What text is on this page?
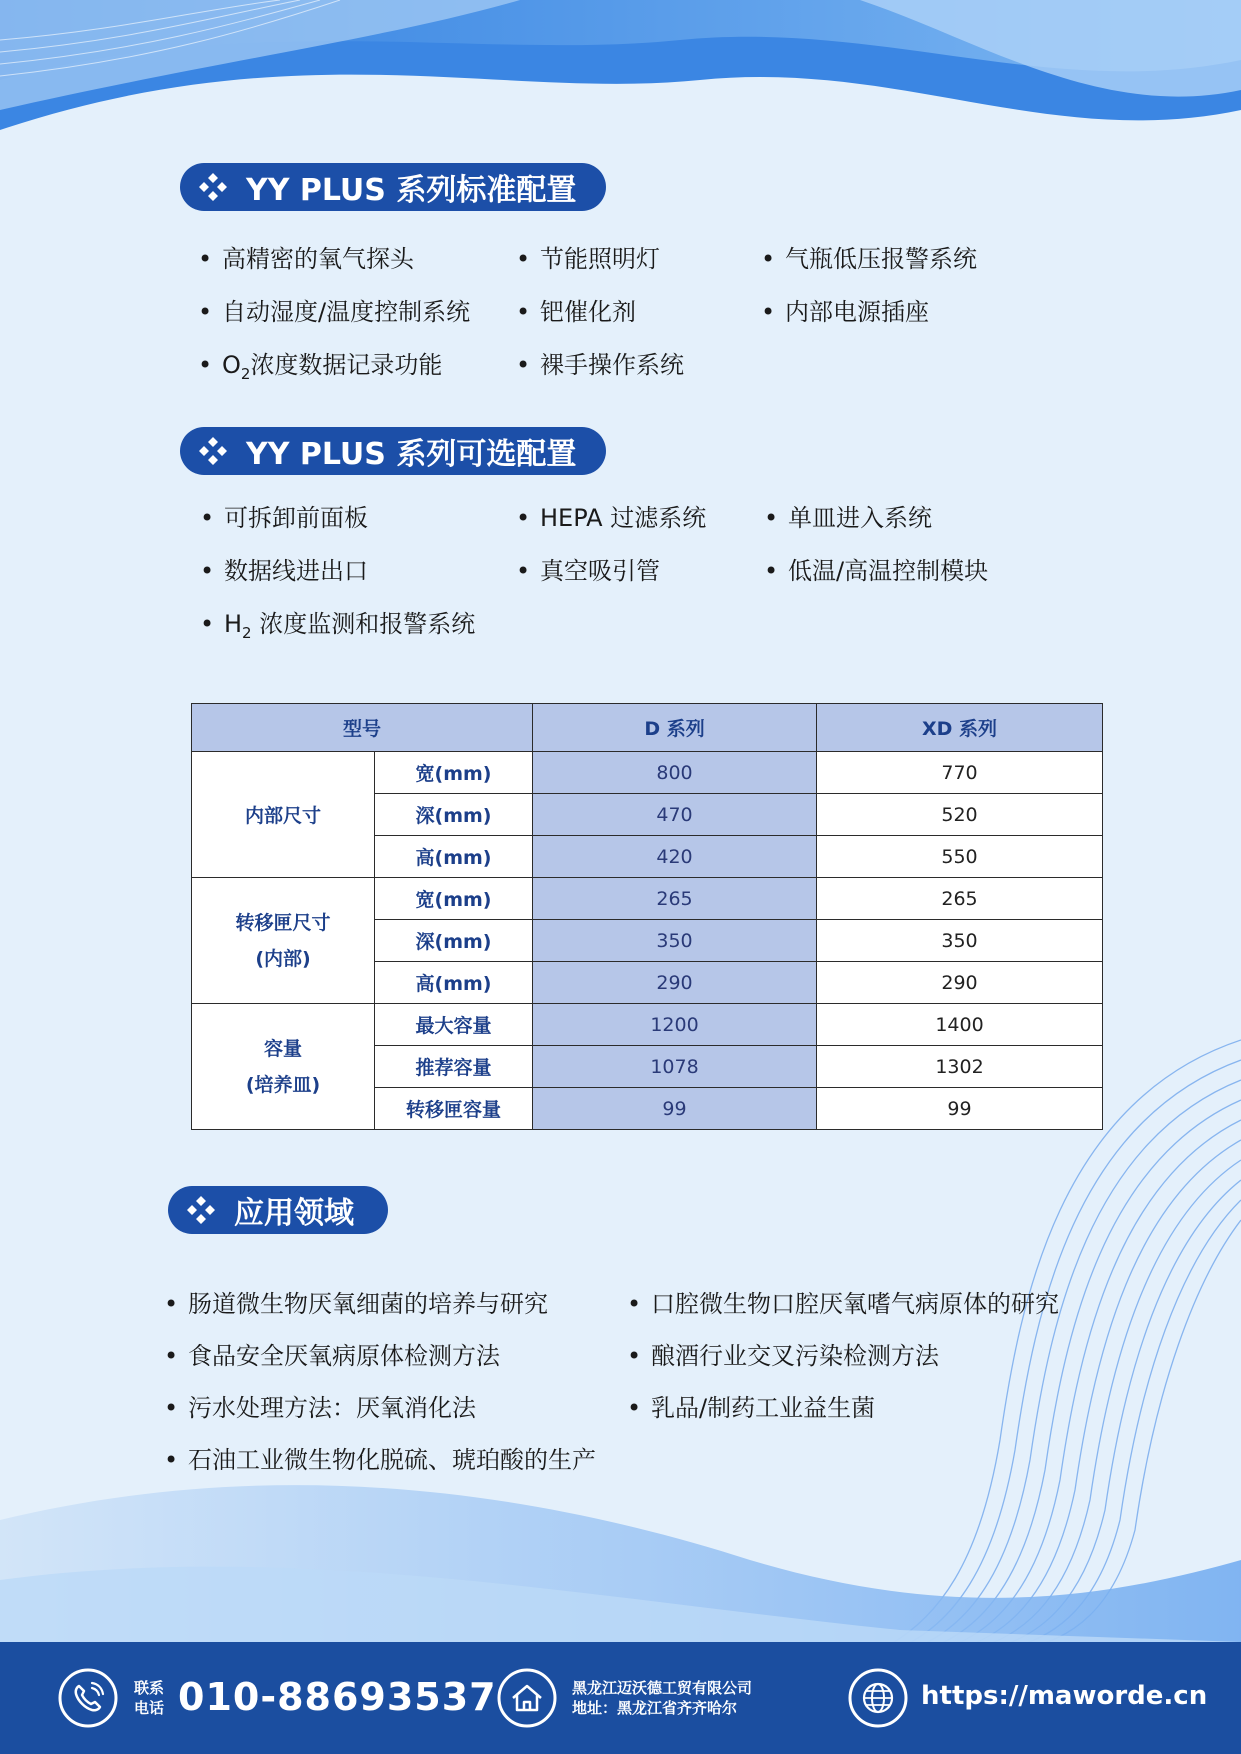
YY PLUS 系列标准配置
• 高精密的氧气探头
• 自动湿度/温度控制系统
• $O_2$浓度数据记录功能
• 节能照明灯
• 钯催化剂
• 裸手操作系统
• 气瓶低压报警系统
• 内部电源插座
YY PLUS 系列可选配置
• 可拆卸前面板
• 数据线进出口
• $H_2$ 浓度监测和报警系统
• HEPA 过滤系统
• 真空吸引管
• 单皿进入系统
• 低温/高温控制模块
型号		D 系列	XD 系列

内部尺寸	宽(mm)	800	770
	深(mm)	470	520
	高(mm)	420	550

转移匣尺寸
(内部)	宽(mm)	265	265
	深(mm)	350	350
	高(mm)	290	290

容量
(培养皿)	最大容量	1200	1400
	推荐容量	1078	1302
	转移匣容量	99	99
应用领域
• 肠道微生物厌氧细菌的培养与研究
• 食品安全厌氧病原体检测方法
• 污水处理方法：厌氧消化法
• 石油工业微生物化脱硫、琥珀酸的生产
• 口腔微生物口腔厌氧嗜气病原体的研究
• 酿酒行业交叉污染检测方法
• 乳品/制药工业益生菌
联系
电话 010-88693537	黑龙江迈沃德工贸有限公司
地址：黑龙江省齐齐哈尔	https://maworde.cn
